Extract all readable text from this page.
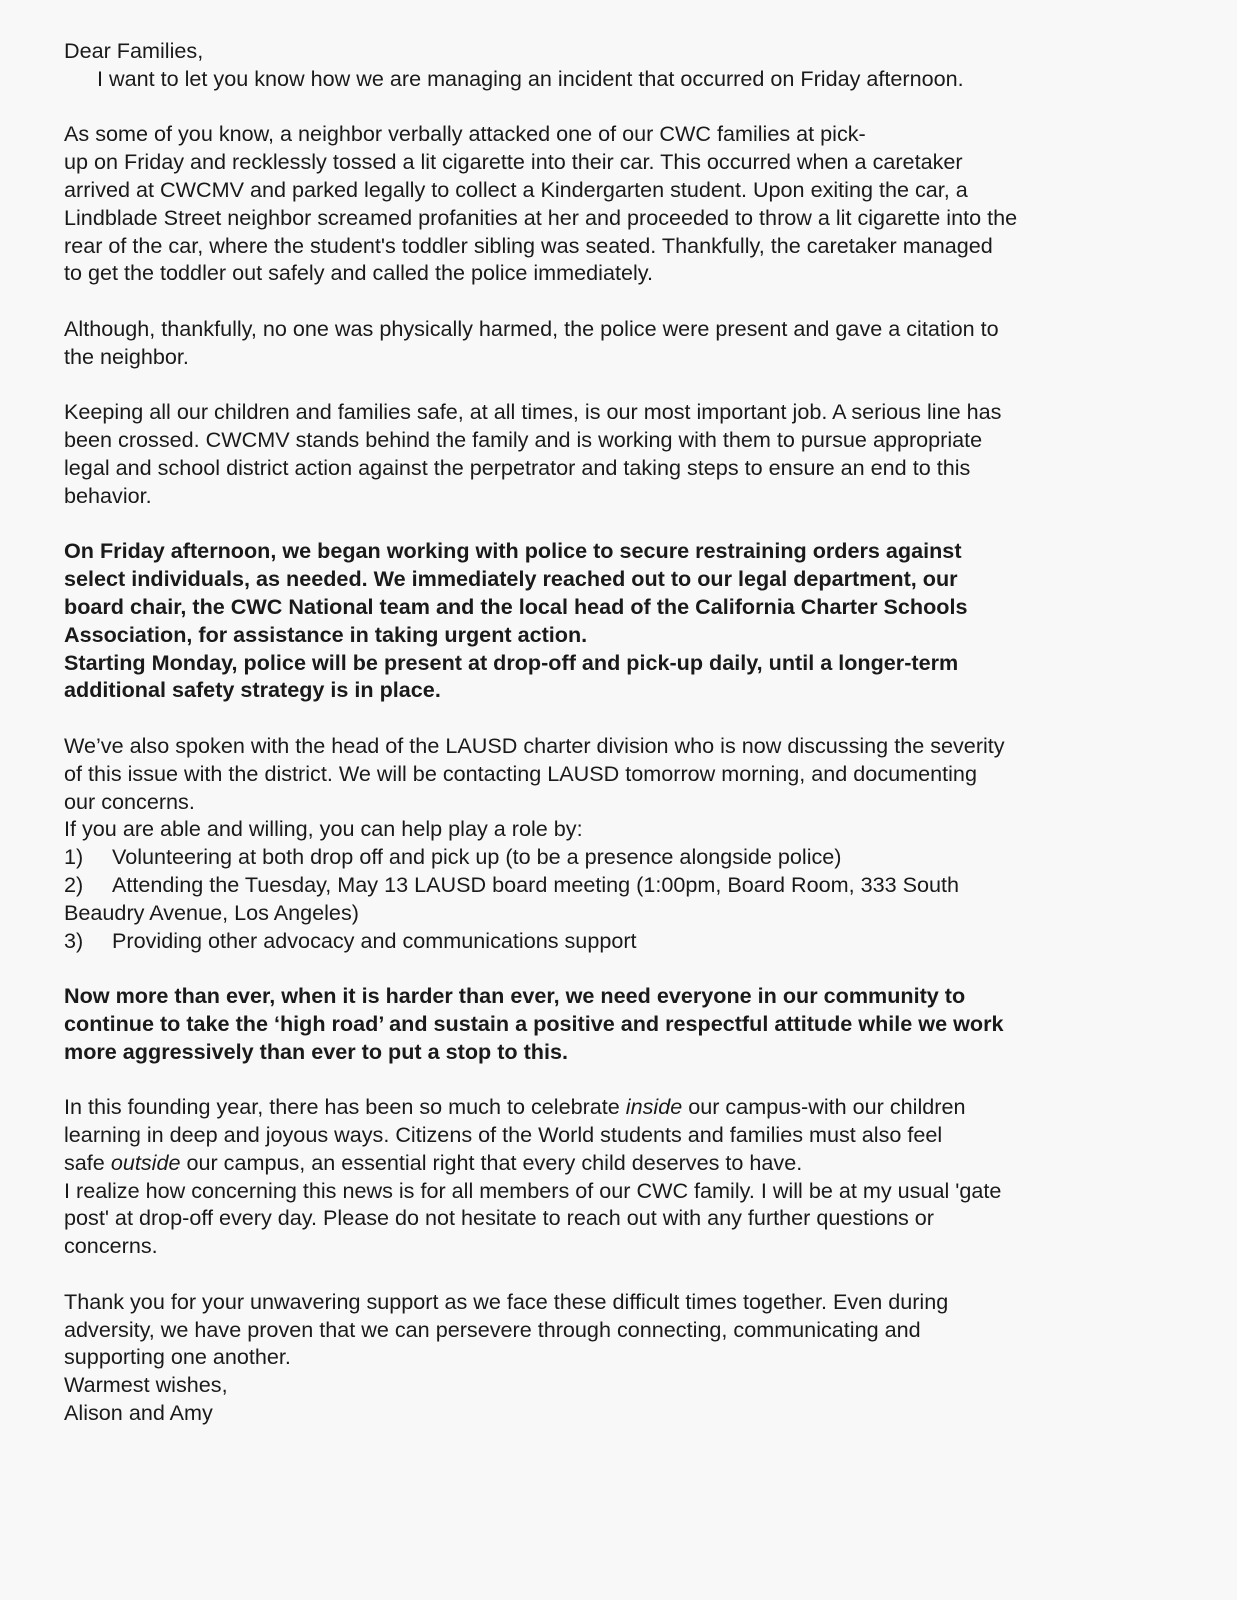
Dear Families,
I want to let you know how we are managing an incident that occurred on Friday afternoon.
As some of you know, a neighbor verbally attacked one of our CWC families at pick-
up on Friday and recklessly tossed a lit cigarette into their car. This occurred when a caretaker
arrived at CWCMV and parked legally to collect a Kindergarten student. Upon exiting the car, a
Lindblade Street neighbor screamed profanities at her and proceeded to throw a lit cigarette into the
rear of the car, where the student's toddler sibling was seated. Thankfully, the caretaker managed
to get the toddler out safely and called the police immediately.
Although, thankfully, no one was physically harmed, the police were present and gave a citation to
the neighbor.
Keeping all our children and families safe, at all times, is our most important job. A serious line has
been crossed. CWCMV stands behind the family and is working with them to pursue appropriate
legal and school district action against the perpetrator and taking steps to ensure an end to this
behavior.
On Friday afternoon, we began working with police to secure restraining orders against
select individuals, as needed. We immediately reached out to our legal department, our
board chair, the CWC National team and the local head of the California Charter Schools
Association, for assistance in taking urgent action.
Starting Monday, police will be present at drop-off and pick-up daily, until a longer-term
additional safety strategy is in place.
We’ve also spoken with the head of the LAUSD charter division who is now discussing the severity
of this issue with the district. We will be contacting LAUSD tomorrow morning, and documenting
our concerns.
If you are able and willing, you can help play a role by:
1) Volunteering at both drop off and pick up (to be a presence alongside police)
2) Attending the Tuesday, May 13 LAUSD board meeting (1:00pm, Board Room, 333 South
Beaudry Avenue, Los Angeles)
3) Providing other advocacy and communications support
Now more than ever, when it is harder than ever, we need everyone in our community to
continue to take the ‘high road’ and sustain a positive and respectful attitude while we work
more aggressively than ever to put a stop to this.
In this founding year, there has been so much to celebrate inside our campus-with our children
learning in deep and joyous ways. Citizens of the World students and families must also feel
safe outside our campus, an essential right that every child deserves to have.
I realize how concerning this news is for all members of our CWC family. I will be at my usual 'gate
post' at drop-off every day. Please do not hesitate to reach out with any further questions or
concerns.
Thank you for your unwavering support as we face these difficult times together. Even during
adversity, we have proven that we can persevere through connecting, communicating and
supporting one another.
Warmest wishes,
Alison and Amy
